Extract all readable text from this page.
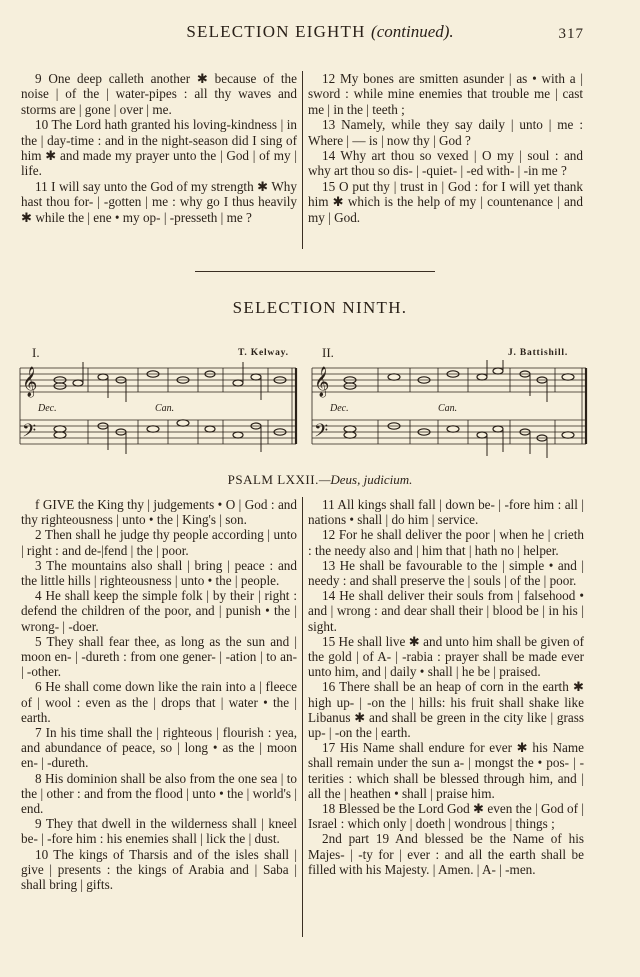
SELECTION EIGHTH (continued).	317

9 One deep calleth another ✱ because of the noise | of the | water-pipes : all thy waves and storms are | gone | over | me.

10 The Lord hath granted his loving-kindness | in the | day-time : and in the night-season did I sing of him ✱ and made my prayer unto the | God | of my | life.

11 I will say unto the God of my strength ✱ Why hast thou for- | -gotten | me : why go I thus heavily ✱ while the | ene • my op- | -presseth | me ?

12 My bones are smitten asunder | as • with a | sword : while mine enemies that trouble me | cast me | in the | teeth ;

13 Namely, while they say daily | unto | me : Where | — is | now thy | God ?

14 Why art thou so vexed | O my | soul : and why art thou so dis- | -quiet- | -ed with- | -in me ?

15 O put thy | trust in | God : for I will yet thank him ✱ which is the help of my | countenance | and my | God.

SELECTION NINTH.
I.	T. Kelway.	II.	J. Battishill.
𝄞
𝄢
Dec.	Can.
𝄞
𝄢
Dec.	Can.
PSALM LXXII.—Deus, judicium.

f GIVE the King thy | judgements • O | God : and thy righteousness | unto • the | King's | son.

2 Then shall he judge thy people according | unto | right : and de-|fend | the | poor.

3 The mountains also shall | bring | peace : and the little hills | righteousness | unto • the | people.

4 He shall keep the simple folk | by their | right : defend the children of the poor, and | punish • the | wrong- | -doer.

5 They shall fear thee, as long as the sun and | moon en- | -dureth : from one gener- | -ation | to an- | -other.

6 He shall come down like the rain into a | fleece of | wool : even as the | drops that | water • the | earth.

7 In his time shall the | righteous | flourish : yea, and abundance of peace, so | long • as the | moon en- | -dureth.

8 His dominion shall be also from the one sea | to the | other : and from the flood | unto • the | world's | end.

9 They that dwell in the wilderness shall | kneel be- | -fore him : his enemies shall | lick the | dust.

10 The kings of Tharsis and of the isles shall | give | presents : the kings of Arabia and | Saba | shall bring | gifts.

11 All kings shall fall | down be- | -fore him : all | nations • shall | do him | service.

12 For he shall deliver the poor | when he | crieth : the needy also and | him that | hath no | helper.

13 He shall be favourable to the | simple • and | needy : and shall preserve the | souls | of the | poor.

14 He shall deliver their souls from | falsehood • and | wrong : and dear shall their | blood be | in his | sight.

15 He shall live ✱ and unto him shall be given of the gold | of A- | -rabia : prayer shall be made ever unto him, and | daily • shall | he be | praised.

16 There shall be an heap of corn in the earth ✱ high up- | -on the | hills: his fruit shall shake like Libanus ✱ and shall be green in the city like | grass up- | -on the | earth.

17 His Name shall endure for ever ✱ his Name shall remain under the sun a- | mongst the • pos- | -terities : which shall be blessed through him, and | all the | heathen • shall | praise him.

18 Blessed be the Lord God ✱ even the | God of | Israel : which only | doeth | wondrous | things ;

2nd part 19 And blessed be the Name of his Majes- | -ty for | ever : and all the earth shall be filled with his Majesty. | Amen. | A- | -men.
